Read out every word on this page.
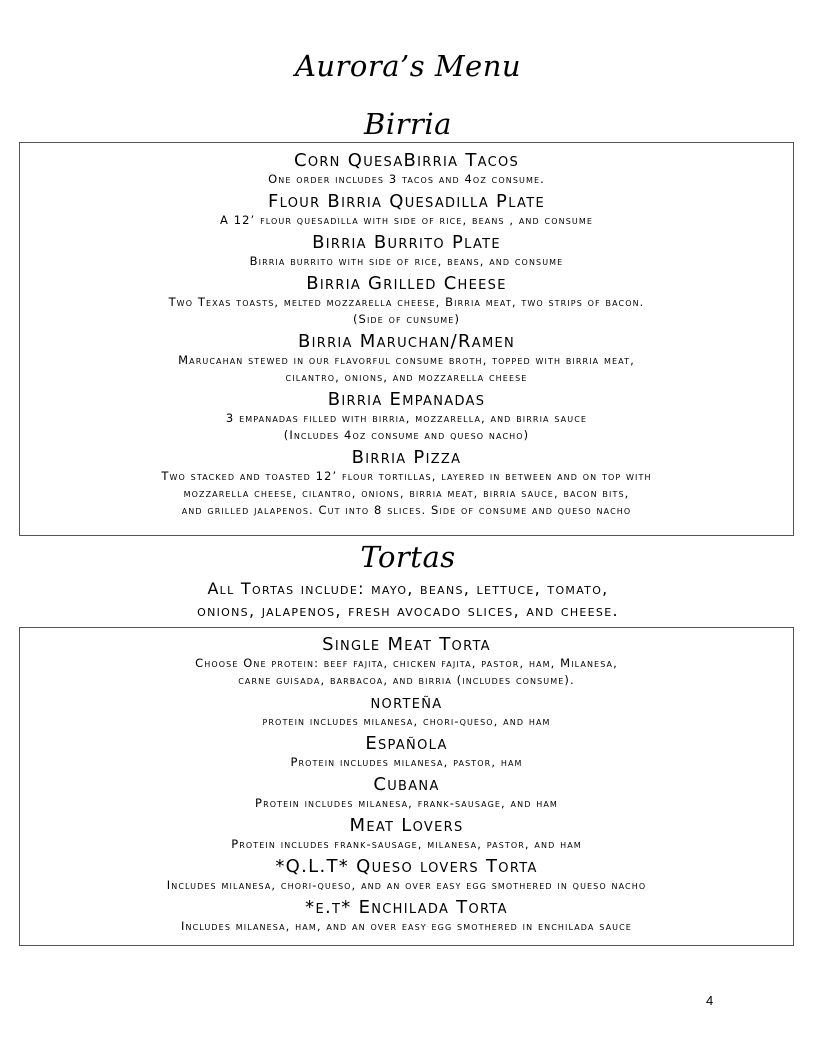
Aurora’s Menu
Birria
Corn QuesaBirria Tacos
One order includes 3 tacos and 4oz consume.
Flour Birria Quesadilla Plate
A 12’ flour quesadilla with side of rice, beans , and consume
Birria Burrito Plate
Birria burrito with side of rice, beans, and consume
Birria Grilled Cheese
Two Texas toasts, melted mozzarella cheese, Birria meat, two strips of bacon.
(Side of cunsume)
Birria Maruchan/Ramen
Marucahan stewed in our flavorful consume broth, topped with birria meat,
cilantro, onions, and mozzarella cheese
Birria Empanadas
3 empanadas filled with birria, mozzarella, and birria sauce
(Includes 4oz consume and queso nacho)
Birria Pizza
Two stacked and toasted 12’ flour tortillas, layered in between and on top with
mozzarella cheese, cilantro, onions, birria meat, birria sauce, bacon bits,
and grilled jalapenos. Cut into 8 slices. Side of consume and queso nacho
Tortas
All Tortas include: mayo, beans, lettuce, tomato,
onions, jalapenos, fresh avocado slices, and cheese.
Single Meat Torta
Choose One protein: beef fajita, chicken fajita, pastor, ham, Milanesa,
carne guisada, barbacoa, and birria (includes consume).
norteña
protein includes milanesa, chori-queso, and ham
Española
Protein includes milanesa, pastor, ham
Cubana
Protein includes milanesa, frank-sausage, and ham
Meat Lovers
Protein includes frank-sausage, milanesa, pastor, and ham
*Q.L.T* Queso lovers Torta
Includes milanesa, chori-queso, and an over easy egg smothered in queso nacho
*e.t* Enchilada Torta
Includes milanesa, ham, and an over easy egg smothered in enchilada sauce
4
